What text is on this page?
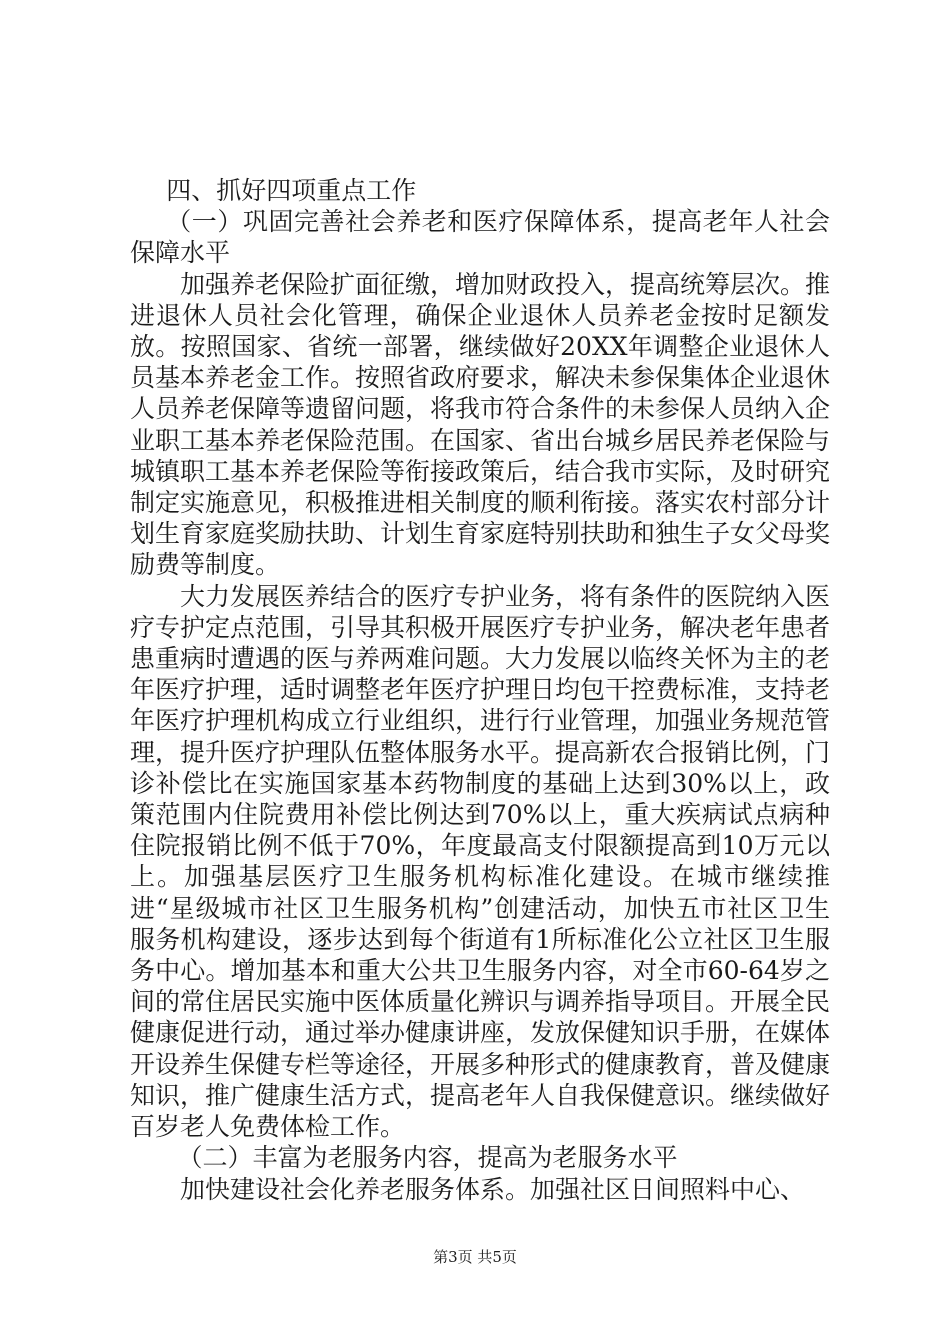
四、抓好四项重点工作

（一）巩固完善社会养老和医疗保障体系，提高老年人社会保障水平

加强养老保险扩面征缴，增加财政投入，提高统筹层次。推进退休人员社会化管理，确保企业退休人员养老金按时足额发放。按照国家、省统一部署，继续做好20XX年调整企业退休人员基本养老金工作。按照省政府要求，解决未参保集体企业退休人员养老保障等遗留问题，将我市符合条件的未参保人员纳入企业职工基本养老保险范围。在国家、省出台城乡居民养老保险与城镇职工基本养老保险等衔接政策后，结合我市实际，及时研究制定实施意见，积极推进相关制度的顺利衔接。落实农村部分计划生育家庭奖励扶助、计划生育家庭特别扶助和独生子女父母奖励费等制度。

大力发展医养结合的医疗专护业务，将有条件的医院纳入医疗专护定点范围，引导其积极开展医疗专护业务，解决老年患者患重病时遭遇的医与养两难问题。大力发展以临终关怀为主的老年医疗护理，适时调整老年医疗护理日均包干控费标准，支持老年医疗护理机构成立行业组织，进行行业管理，加强业务规范管理，提升医疗护理队伍整体服务水平。提高新农合报销比例，门诊补偿比在实施国家基本药物制度的基础上达到30%以上，政策范围内住院费用补偿比例达到70%以上，重大疾病试点病种住院报销比例不低于70%，年度最高支付限额提高到10万元以上。加强基层医疗卫生服务机构标准化建设。在城市继续推进“星级城市社区卫生服务机构”创建活动，加快五市社区卫生服务机构建设，逐步达到每个街道有1所标准化公立社区卫生服务中心。增加基本和重大公共卫生服务内容，对全市60-64岁之间的常住居民实施中医体质量化辨识与调养指导项目。开展全民健康促进行动，通过举办健康讲座，发放保健知识手册，在媒体开设养生保健专栏等途径，开展多种形式的健康教育，普及健康知识，推广健康生活方式，提高老年人自我保健意识。继续做好百岁老人免费体检工作。

（二）丰富为老服务内容，提高为老服务水平

加快建设社会化养老服务体系。加强社区日间照料中心、

第3页 共5页
